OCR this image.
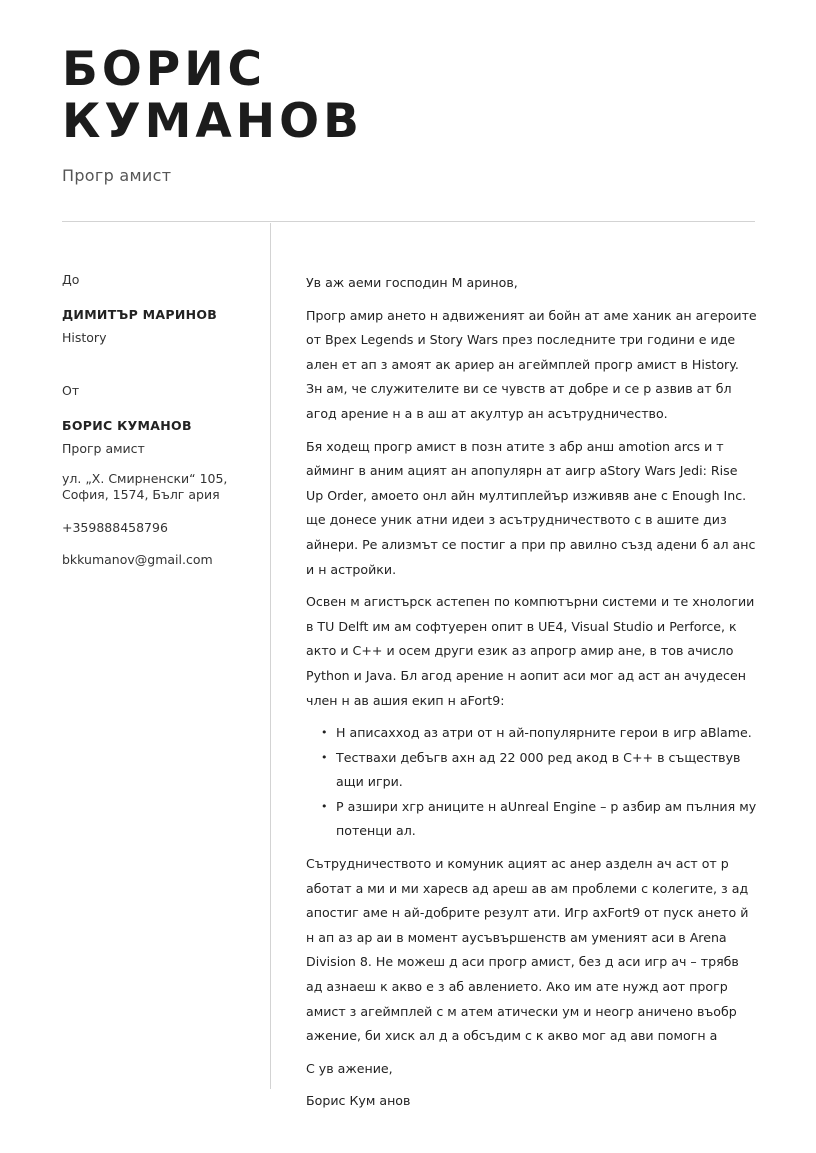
БОРИС
КУМАНОВ
Прогр амист

До

ДИМИТЪР МАРИНОВ

History

От

БОРИС КУМАНОВ

Прогр амист

ул. „Х. Смирненски“ 105,
София, 1574, Бълг ария

+359888458796

bkkumanov@gmail.com

Ув аж аеми господин М аринов,

Прогр амир ането н адвиженият аи бойн ат аме ханик ан агероите от Bрex Legends и Story Wars през последните три години е иде ален ет ап з амоят ак ариер ан агеймплей прогр амист в History. Зн ам, че служителите ви се чувств ат добре и се р азвив ат бл агод арение н а в аш ат акултур ан асътрудничество.

Бя ходещ прогр амист в позн атите з абр анш amotion arcs и т айминг в аним ацият ан апопулярн ат аигр aStory Wars Jedi: Rise Up Order, амоето онл айн мултиплейър изживяв ане с Enough Inc. ще донесе уник атни идеи з асътрудничеството с в ашите диз айнери. Ре ализмът се постиг а при пр авилно създ адени б ал анс и н астройки.

Освен м агистърск астепен по компютърни системи и те хнологии в TU Delft им ам софтуерен опит в UE4, Visual Studio и Perforce, к акто и C++ и осем други език аз апрогр амир ане, в тов ачисло Python и Java. Бл агод арение н аопит аси мог ад аст ан ачудесен член н ав ашия екип н aFort9:

• Н аписахход аз атри от н ай-популярните герои в игр аBlame.
• Тестваxи дебъгв ахн ад 22 000 ред акод в C++ в съществув ащи игри.
• Р азшири хгр аниците н aUnreal Engine – р азбир ам пълния му потенци ал.

Сътрудничеството и комуник ацият ас анер азделн ач аст от р аботат а ми и ми харесв ад ареш ав ам проблеми с колегите, з ад апостиг аме н ай-добрите резулт ати. Игр axFort9 от пуск ането й н ап аз ар аи в момент аусъвършенств ам умeният аси в Arena Division 8. Не можеш д аси прогр амист, без д аси игр ач – трябв ад азнаеш к акво е з аб авлението. Ако им ате нужд аот прогр амист з агеймплей с м атем атически ум и неогр аничено въобр ажение, би хиск ал д а обсъдим с к акво мог ад ави помогн а

С ув ажение,

Борис Кум анов
